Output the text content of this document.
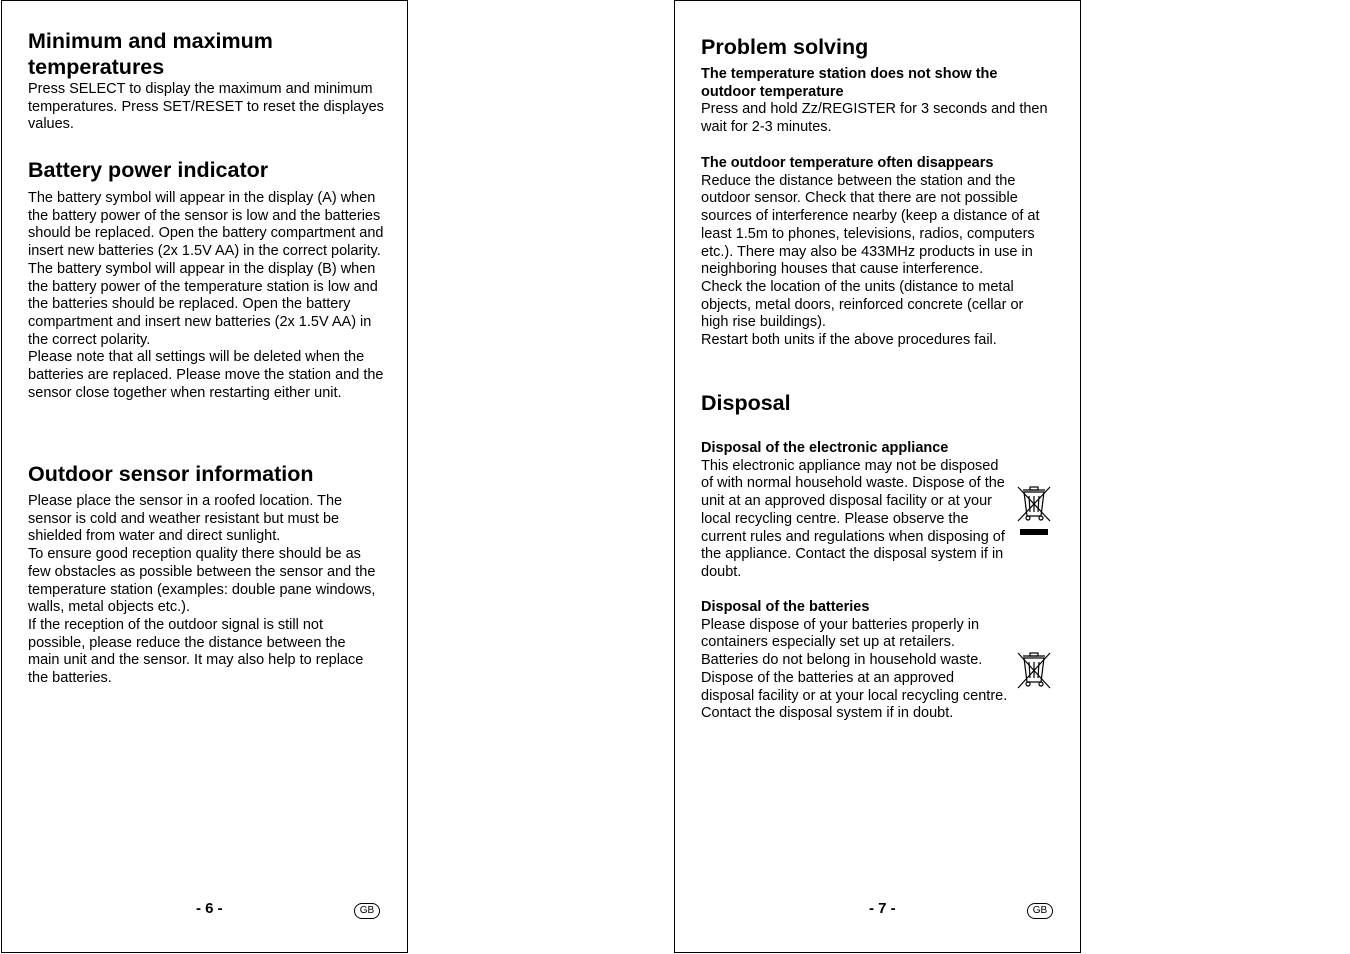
Minimum and maximum temperatures

Press SELECT to display the maximum and minimum temperatures. Press SET/RESET to reset the displayes values.

Battery power indicator
The battery symbol will appear in the display (A) when the battery power of the sensor is low and the batteries should be replaced. Open the battery compartment and insert new batteries (2x 1.5V AA) in the correct polarity.
The battery symbol will appear in the display (B) when the battery power of the temperature station is low and the batteries should be replaced. Open the battery compartment and insert new batteries (2x 1.5V AA) in the correct polarity.
Please note that all settings will be deleted when the batteries are replaced. Please move the station and the sensor close together when restarting either unit.
Outdoor sensor information
Please place the sensor in a roofed location. The sensor is cold and weather resistant but must be shielded from water and direct sunlight.
To ensure good reception quality there should be as few obstacles as possible between the sensor and the temperature station (examples: double pane windows, walls, metal objects etc.).
If the reception of the outdoor signal is still not possible, please reduce the distance between the main unit and the sensor. It may also help to replace the batteries.
- 6 -	GB
Problem solving
The temperature station does not show the outdoor temperature
Press and hold Zz/REGISTER for 3 seconds and then wait for 2-3 minutes.
The outdoor temperature often disappears
Reduce the distance between the station and the outdoor sensor. Check that there are not possible sources of interference nearby (keep a distance of at least 1.5m to phones, televisions, radios, computers etc.). There may also be 433MHz products in use in neighboring houses that cause interference.
Check the location of the units (distance to metal objects, metal doors, reinforced concrete (cellar or high rise buildings).
Restart both units if the above procedures fail.
Disposal
Disposal of the electronic appliance
This electronic appliance may not be disposed of with normal household waste. Dispose of the unit at an approved disposal facility or at your local recycling centre. Please observe the current rules and regulations when disposing of the appliance. Contact the disposal system if in doubt.
Disposal of the batteries
Please dispose of your batteries properly in containers especially set up at retailers. Batteries do not belong in household waste. Dispose of the batteries at an approved disposal facility or at your local recycling centre. Contact the disposal system if in doubt.
- 7 -	GB
